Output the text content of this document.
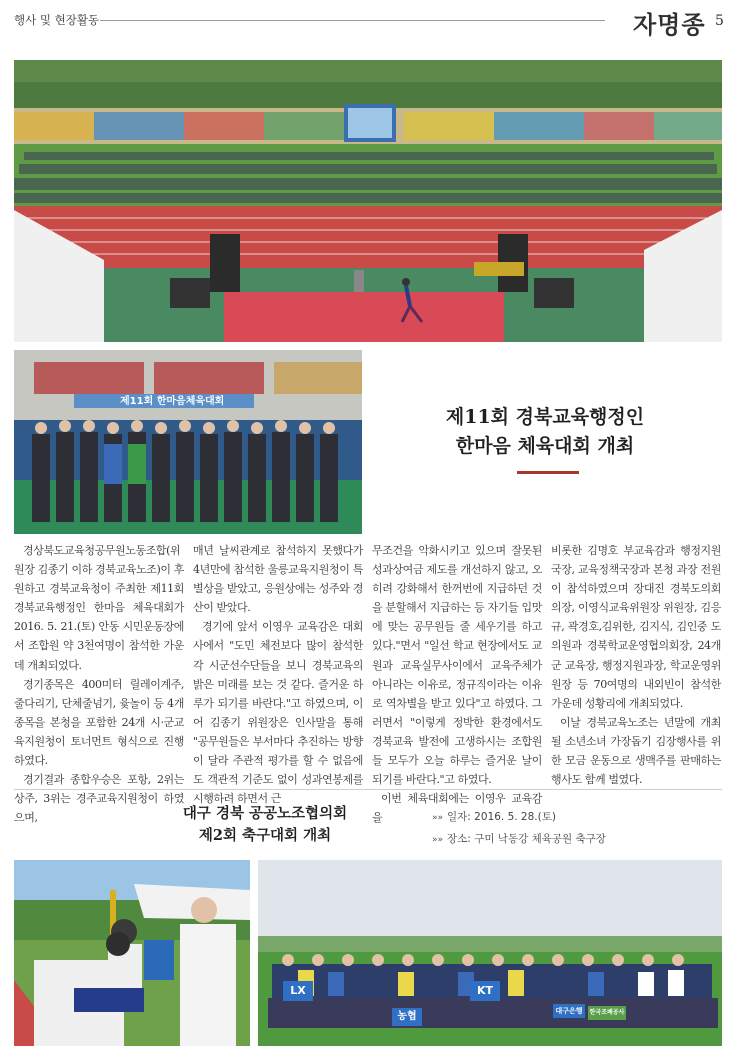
행사 및 현장활동	자명종 5
제11회 한마음체육대회
제11회 경북교육행정인
한마음 체육대회 개최

경상북도교육청공무원노동조합(위원장 김종기 이하 경북교육노조)이 후원하고 경북교육청이 주최한 제11회 경북교육행정인 한마음 체육대회가 2016. 5. 21.(토) 안동 시민운동장에서 조합원 약 3천여명이 참석한 가운데 개최되었다.

경기종목은 400미터 릴레이계주, 줄다리기, 단체줄넘기, 윷놀이 등 4개 종목을 본청을 포함한 24개 시·군교육지원청이 토너먼트 형식으로 진행하였다.

경기결과 종합우승은 포항, 2위는 상주, 3위는 경주교육지원청이 하였으며,

매년 날씨관계로 참석하지 못했다가 4년만에 참석한 울릉교육지원청이 특별상을 받았고, 응원상에는 성주와 경산이 받았다.

경기에 앞서 이영우 교육감은 대회사에서 "도민 체전보다 많이 참석한 각 시군선수단들을 보니 경북교육의 밝은 미래를 보는 것 같다. 즐거운 하루가 되기를 바란다."고 하였으며, 이어 김종기 위원장은 인사말을 통해 "공무원들은 부서마다 추진하는 방향이 달라 주관적 평가를 할 수 없음에도 객관적 기준도 없이 성과연봉제를 시행하려 하면서 근

무조건을 악화시키고 있으며 잘못된 성과상여금 제도를 개선하지 않고, 오히려 강화해서 한꺼번에 지급하던 것을 분할해서 지급하는 등 자기들 입맛에 맞는 공무원들 줄 세우기를 하고 있다."면서 "일선 학교 현장에서도 교원과 교육실무사이에서 교육주체가 아니라는 이유로, 정규직이라는 이유로 역차별을 받고 있다"고 하였다. 그러면서 "이렇게 정박한 환경에서도 경북교육 발전에 고생하시는 조합원들 모두가 오늘 하루는 즐거운 날이 되기를 바란다."고 하였다.

이번 체육대회에는 이영우 교육감을

비롯한 김명호 부교육감과 행정지원국장, 교육정책국장과 본청 과장 전원이 참석하였으며 장대진 경북도의회 의장, 이영식교육위원장 위원장, 김응규, 곽경호,김위한, 김지식, 김인중 도의원과 경북학교운영협의회장, 24개군 교육장, 행정지원과장, 학교운영위원장 등 70여명의 내외빈이 참석한 가운데 성황리에 개최되었다.

이날 경북교육노조는 년말에 개최될 소년소녀 가장돕기 김장행사를 위한 모금 운동으로 생맥주를 판매하는 행사도 함께 벌였다.

대구 경북 공공노조협의회
제2회 축구대회 개최
»» 일자: 2016. 5. 28.(토)
»» 장소: 구미 낙동강 체육공원 축구장
LX	KT
농협	대구은행	한국조폐공사
